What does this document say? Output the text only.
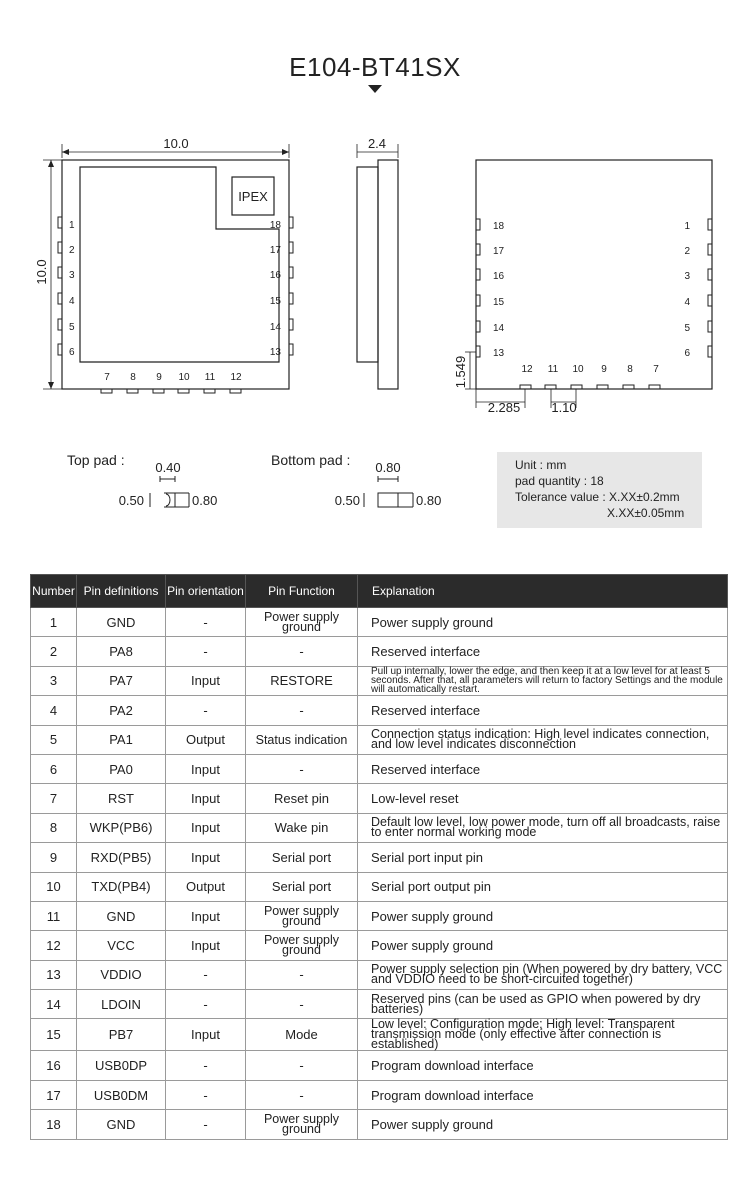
E104-BT41SX
10.0
10.0
IPEX
1
2
3
4
5
6
18
17
16
15
14
13
7 8 9 10 11 12
2.4
1.549
2.285 1.10
18
17
16
15
14
13
1
2
3
4
5
6
12 11 10 9 8 7
Top pad : 0.40
0.50	0.80
Bottom pad : 0.80
0.50	0.80
Unit : mm
pad quantity : 18
Tolerance value : X.XX±0.2mm
X.XX±0.05mm
Number	Pin definitions	Pin orientation	Pin Function	Explanation
1	GND	-	Power supply ground	Power supply ground
2	PA8	-	-	Reserved interface
3	PA7	Input	RESTORE	Pull up internally, lower the edge, and then keep it at a low level for at least 5 seconds. After that, all parameters will return to factory Settings and the module will automatically restart.
4	PA2	-	-	Reserved interface
5	PA1	Output	Status indication	Connection status indication: High level indicates connection, and low level indicates disconnection
6	PA0	Input	-	Reserved interface
7	RST	Input	Reset pin	Low-level reset
8	WKP(PB6)	Input	Wake pin	Default low level, low power mode, turn off all broadcasts, raise to enter normal working mode
9	RXD(PB5)	Input	Serial port	Serial port input pin
10	TXD(PB4)	Output	Serial port	Serial port output pin
11	GND	Input	Power supply ground	Power supply ground
12	VCC	Input	Power supply ground	Power supply ground
13	VDDIO	-	-	Power supply selection pin (When powered by dry battery, VCC and VDDIO need to be short-circuited together)
14	LDOIN	-	-	Reserved pins (can be used as GPIO when powered by dry batteries)
15	PB7	Input	Mode	Low level: Configuration mode; High level: Transparent transmission mode (only effective after connection is established)
16	USB0DP	-	-	Program download interface
17	USB0DM	-	-	Program download interface
18	GND	-	Power supply ground	Power supply ground
